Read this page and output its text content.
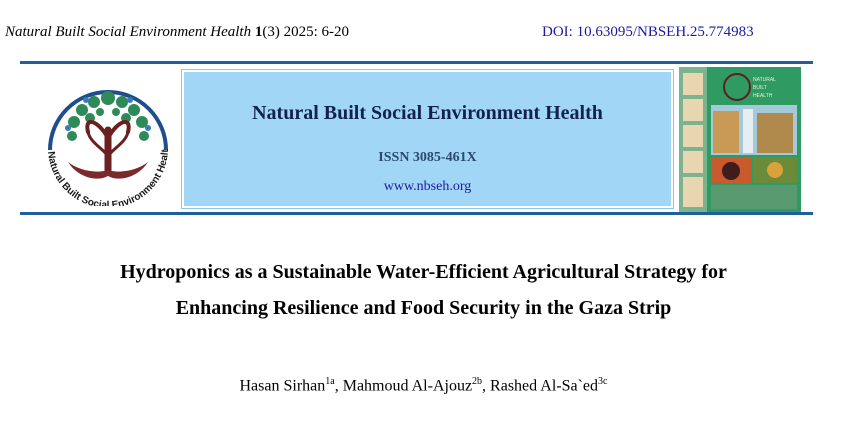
Natural Built Social Environment Health 1(3) 2025: 6-20	DOI: 10.63095/NBSEH.25.774983
Natural Built Social Environment Healt
Natural Built Social Environment Health
ISSN 3085-461X
www.nbseh.org
NATURAL
BUILT
HEALTH
Hydroponics as a Sustainable Water-Efficient Agricultural Strategy for
Enhancing Resilience and Food Security in the Gaza Strip
Hasan Sirhan$^{1a}$, Mahmoud Al-Ajouz$^{2b}$, Rashed $Al-Sa`ed^{3c}$
